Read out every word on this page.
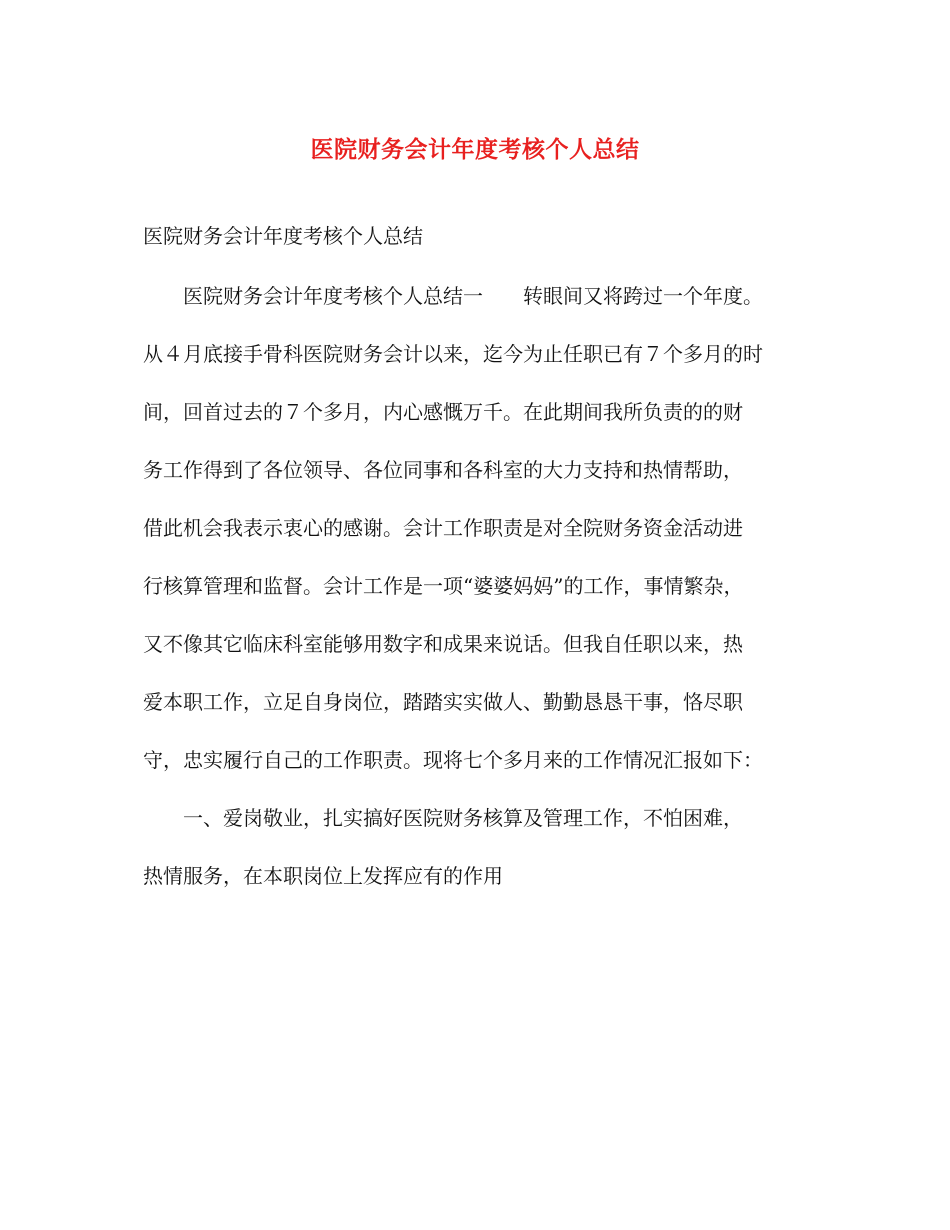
医院财务会计年度考核个人总结
医院财务会计年度考核个人总结
医院财务会计年度考核个人总结一 转眼间又将跨过一个年度。
从４月底接手骨科医院财务会计以来，迄今为止任职已有７个多月的时
间，回首过去的７个多月，内心感慨万千。在此期间我所负责的的财
务工作得到了各位领导、各位同事和各科室的大力支持和热情帮助，
借此机会我表示衷心的感谢。会计工作职责是对全院财务资金活动进
行核算管理和监督。会计工作是一项“婆婆妈妈”的工作，事情繁杂，
又不像其它临床科室能够用数字和成果来说话。但我自任职以来，热
爱本职工作，立足自身岗位，踏踏实实做人、勤勤恳恳干事，恪尽职
守，忠实履行自己的工作职责。现将七个多月来的工作情况汇报如下：
一、爱岗敬业，扎实搞好医院财务核算及管理工作，不怕困难，
热情服务，在本职岗位上发挥应有的作用
